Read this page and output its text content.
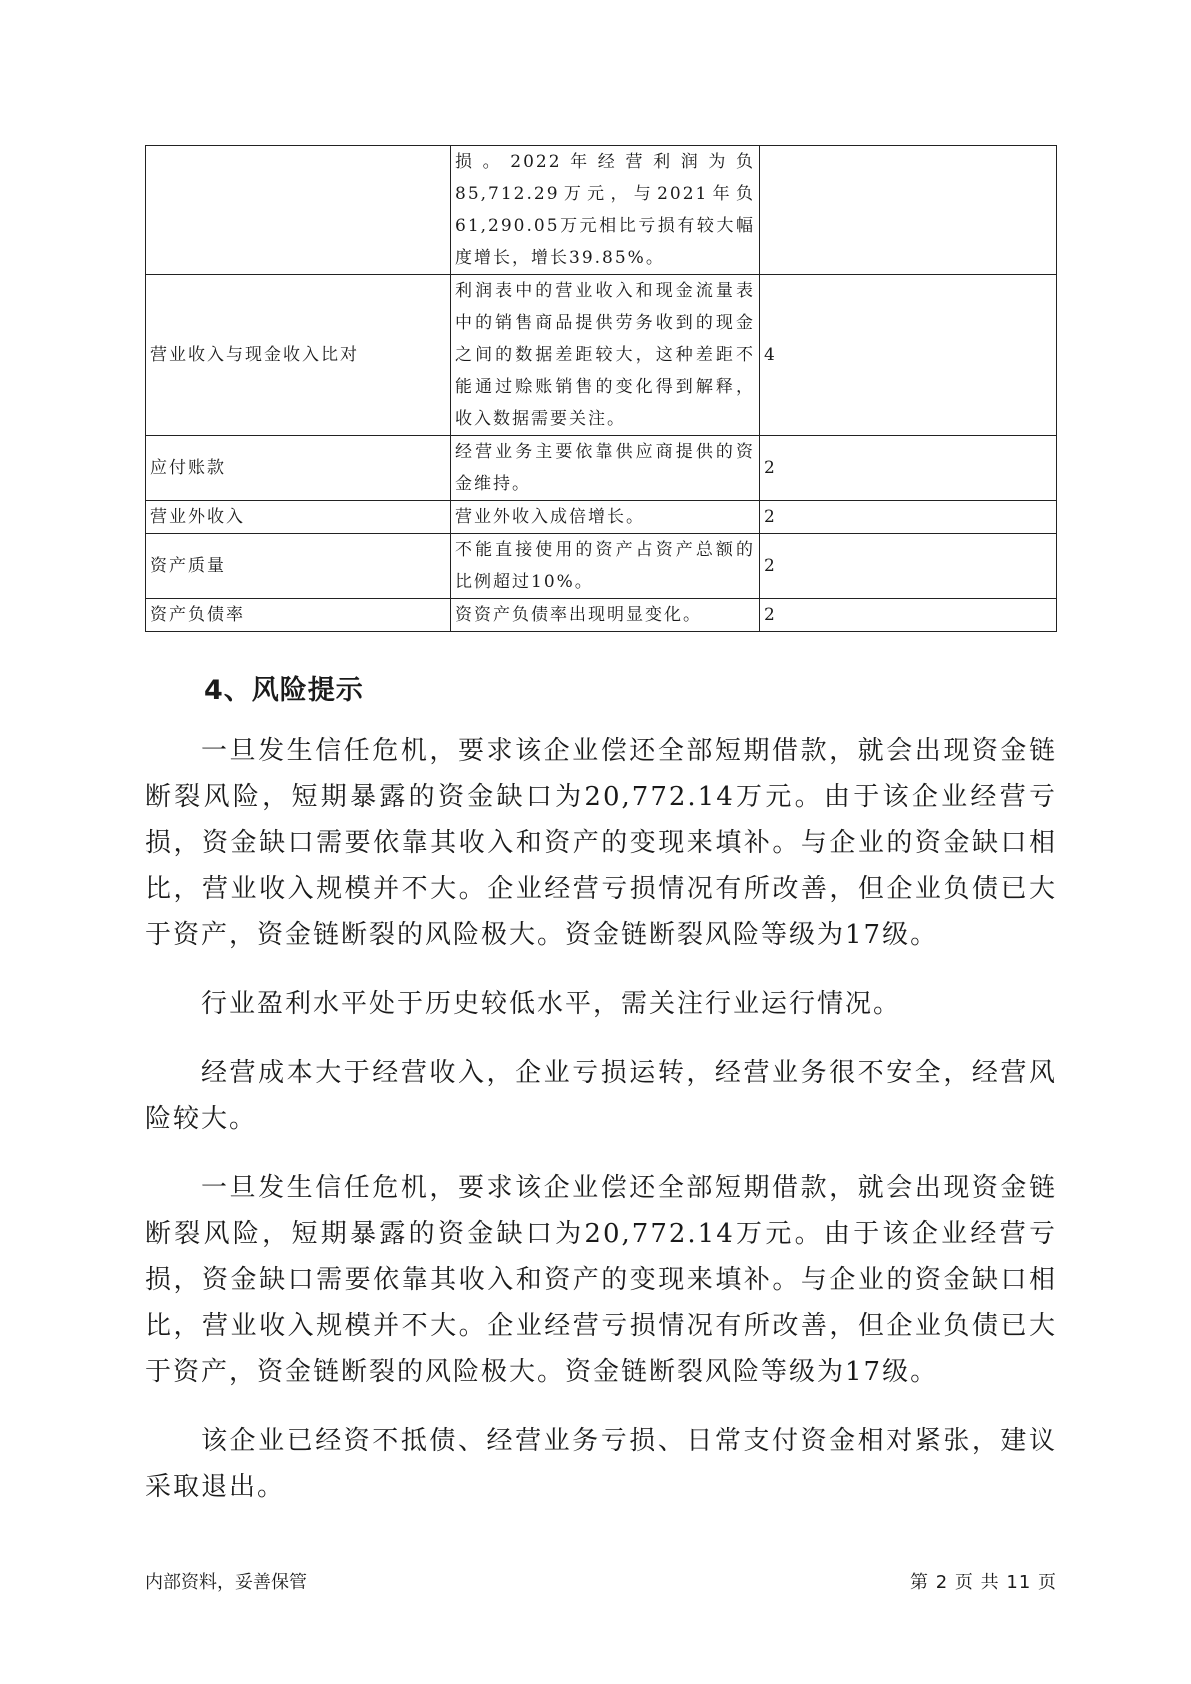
	损。2022年经营利润为负85,712.29万元，与2021年负61,290.05万元相比亏损有较大幅度增长，增长39.85%。	

营业收入与现金收入比对	利润表中的营业收入和现金流量表中的销售商品提供劳务收到的现金之间的数据差距较大，这种差距不能通过赊账销售的变化得到解释，收入数据需要关注。	4
应付账款	经营业务主要依靠供应商提供的资金维持。	2
营业外收入	营业外收入成倍增长。	2
资产质量	不能直接使用的资产占资产总额的比例超过10%。	2
资产负债率	资资产负债率出现明显变化。	2
4、风险提示

一旦发生信任危机，要求该企业偿还全部短期借款，就会出现资金链断裂风险，短期暴露的资金缺口为20,772.14万元。由于该企业经营亏损，资金缺口需要依靠其收入和资产的变现来填补。与企业的资金缺口相比，营业收入规模并不大。企业经营亏损情况有所改善，但企业负债已大于资产，资金链断裂的风险极大。资金链断裂风险等级为17级。

行业盈利水平处于历史较低水平，需关注行业运行情况。

经营成本大于经营收入，企业亏损运转，经营业务很不安全，经营风险较大。

一旦发生信任危机，要求该企业偿还全部短期借款，就会出现资金链断裂风险，短期暴露的资金缺口为20,772.14万元。由于该企业经营亏损，资金缺口需要依靠其收入和资产的变现来填补。与企业的资金缺口相比，营业收入规模并不大。企业经营亏损情况有所改善，但企业负债已大于资产，资金链断裂的风险极大。资金链断裂风险等级为17级。

该企业已经资不抵债、经营业务亏损、日常支付资金相对紧张，建议采取退出。

内部资料，妥善保管	第 2 页 共 11 页
